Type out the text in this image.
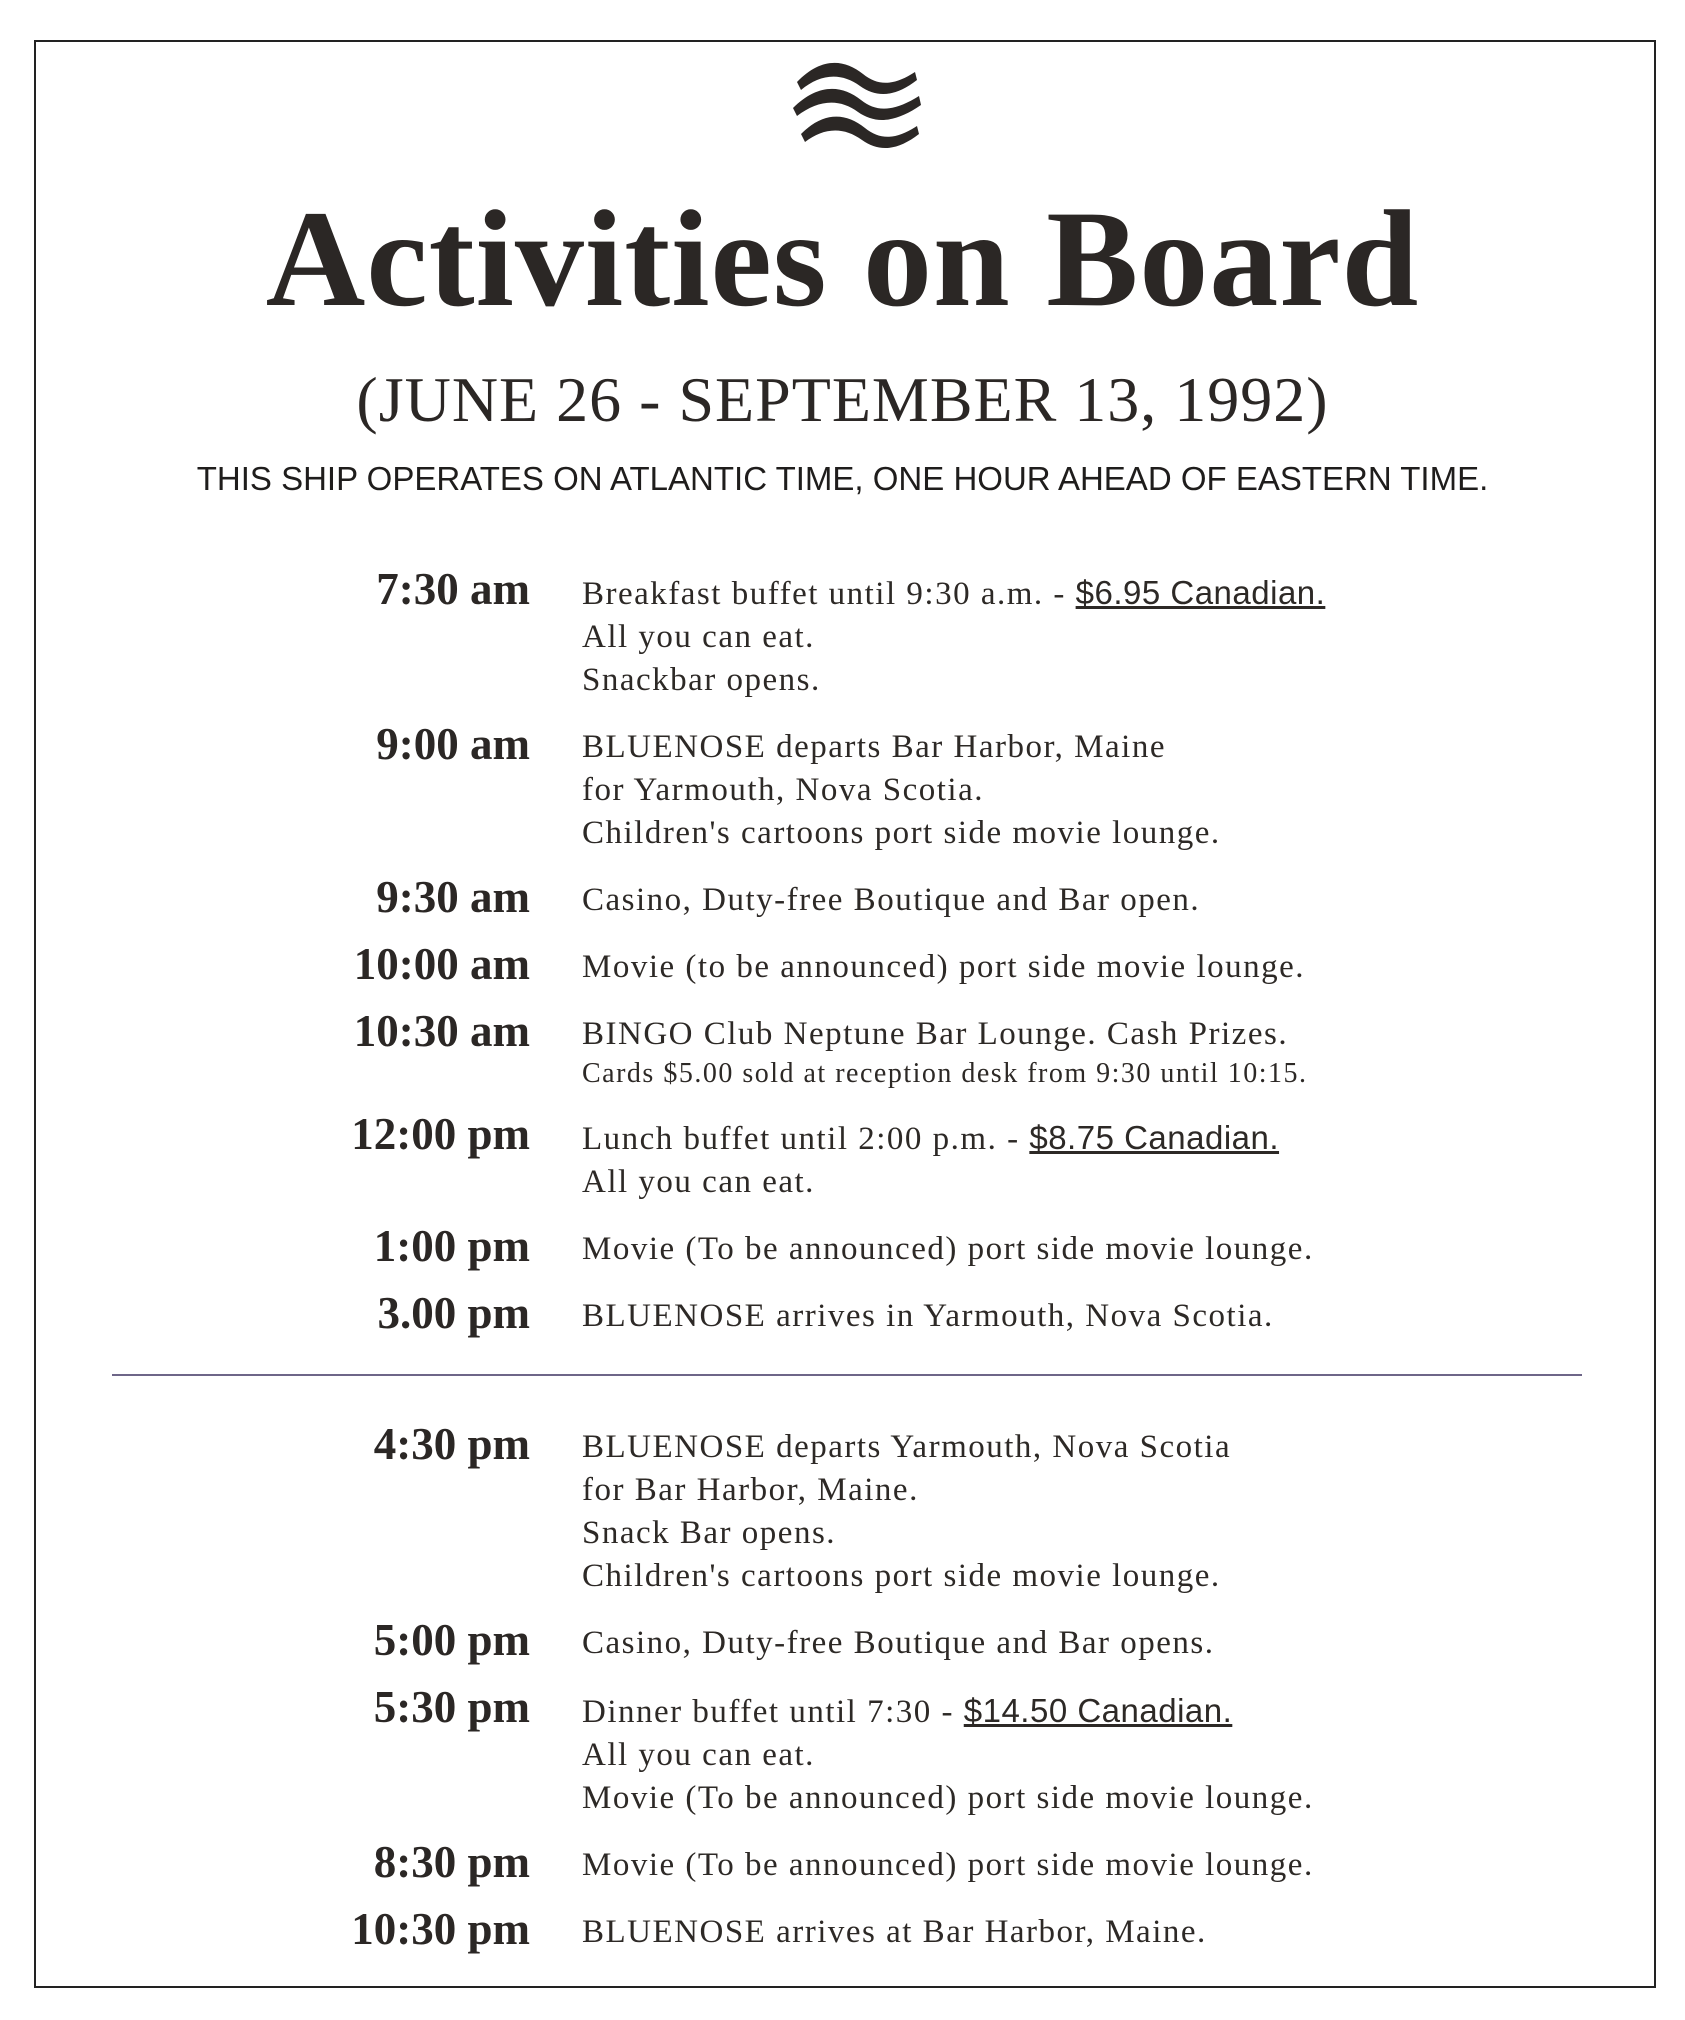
Activities on Board
(JUNE 26 - SEPTEMBER 13, 1992)
THIS SHIP OPERATES ON ATLANTIC TIME, ONE HOUR AHEAD OF EASTERN TIME.
7:30 am Breakfast buffet until 9:30 a.m. - $6.95 Canadian.
All you can eat.
Snackbar opens.
9:00 am BLUENOSE departs Bar Harbor, Maine
for Yarmouth, Nova Scotia.
Children's cartoons port side movie lounge.
9:30 am Casino, Duty-free Boutique and Bar open.
10:00 am Movie (to be announced) port side movie lounge.
10:30 am BINGO Club Neptune Bar Lounge. Cash Prizes.
Cards $5.00 sold at reception desk from 9:30 until 10:15.
12:00 pm Lunch buffet until 2:00 p.m. - $8.75 Canadian.
All you can eat.
1:00 pm Movie (To be announced) port side movie lounge.
3.00 pm BLUENOSE arrives in Yarmouth, Nova Scotia.
4:30 pm BLUENOSE departs Yarmouth, Nova Scotia
for Bar Harbor, Maine.
Snack Bar opens.
Children's cartoons port side movie lounge.
5:00 pm Casino, Duty-free Boutique and Bar opens.
5:30 pm Dinner buffet until 7:30 - $14.50 Canadian.
All you can eat.
Movie (To be announced) port side movie lounge.
8:30 pm Movie (To be announced) port side movie lounge.
10:30 pm BLUENOSE arrives at Bar Harbor, Maine.
